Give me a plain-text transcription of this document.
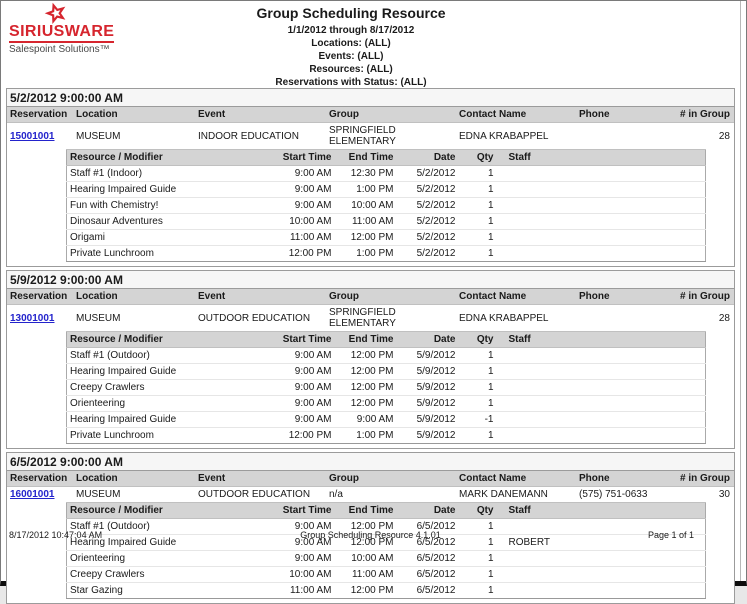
SIRIUSWARE
Salespoint Solutions™
Group Scheduling Resource
1/1/2012 through 8/17/2012
Locations: (ALL)
Events: (ALL)
Resources: (ALL)
Reservations with Status: (ALL)
5/2/2012 9:00:00 AM
Reservation	Location	Event	Group	Contact Name	Phone	# in Group
15001001	MUSEUM	INDOOR EDUCATION	SPRINGFIELD ELEMENTARY	EDNA KRABAPPEL		28
Resource / Modifier	Start Time	End Time	Date	Qty	Staff
Staff #1 (Indoor)	9:00 AM	12:30 PM	5/2/2012	1	
Hearing Impaired Guide	9:00 AM	1:00 PM	5/2/2012	1	
Fun with Chemistry!	9:00 AM	10:00 AM	5/2/2012	1	
Dinosaur Adventures	10:00 AM	11:00 AM	5/2/2012	1	
Origami	11:00 AM	12:00 PM	5/2/2012	1	
Private Lunchroom	12:00 PM	1:00 PM	5/2/2012	1	
5/9/2012 9:00:00 AM
Reservation	Location	Event	Group	Contact Name	Phone	# in Group
13001001	MUSEUM	OUTDOOR EDUCATION	SPRINGFIELD ELEMENTARY	EDNA KRABAPPEL		28
Resource / Modifier	Start Time	End Time	Date	Qty	Staff
Staff #1 (Outdoor)	9:00 AM	12:00 PM	5/9/2012	1	
Hearing Impaired Guide	9:00 AM	12:00 PM	5/9/2012	1	
Creepy Crawlers	9:00 AM	12:00 PM	5/9/2012	1	
Orienteering	9:00 AM	12:00 PM	5/9/2012	1	
Hearing Impaired Guide	9:00 AM	9:00 AM	5/9/2012	-1	
Private Lunchroom	12:00 PM	1:00 PM	5/9/2012	1	
6/5/2012 9:00:00 AM
Reservation	Location	Event	Group	Contact Name	Phone	# in Group
16001001	MUSEUM	OUTDOOR EDUCATION	n/a	MARK DANEMANN	(575) 751-0633	30
Resource / Modifier	Start Time	End Time	Date	Qty	Staff
Staff #1 (Outdoor)	9:00 AM	12:00 PM	6/5/2012	1	
Hearing Impaired Guide	9:00 AM	12:00 PM	6/5/2012	1	ROBERT
Orienteering	9:00 AM	10:00 AM	6/5/2012	1	
Creepy Crawlers	10:00 AM	11:00 AM	6/5/2012	1	
Star Gazing	11:00 AM	12:00 PM	6/5/2012	1	
8/17/2012 10:47:04 AM	Group Scheduling Resource 4.1.01	Page 1 of 1
